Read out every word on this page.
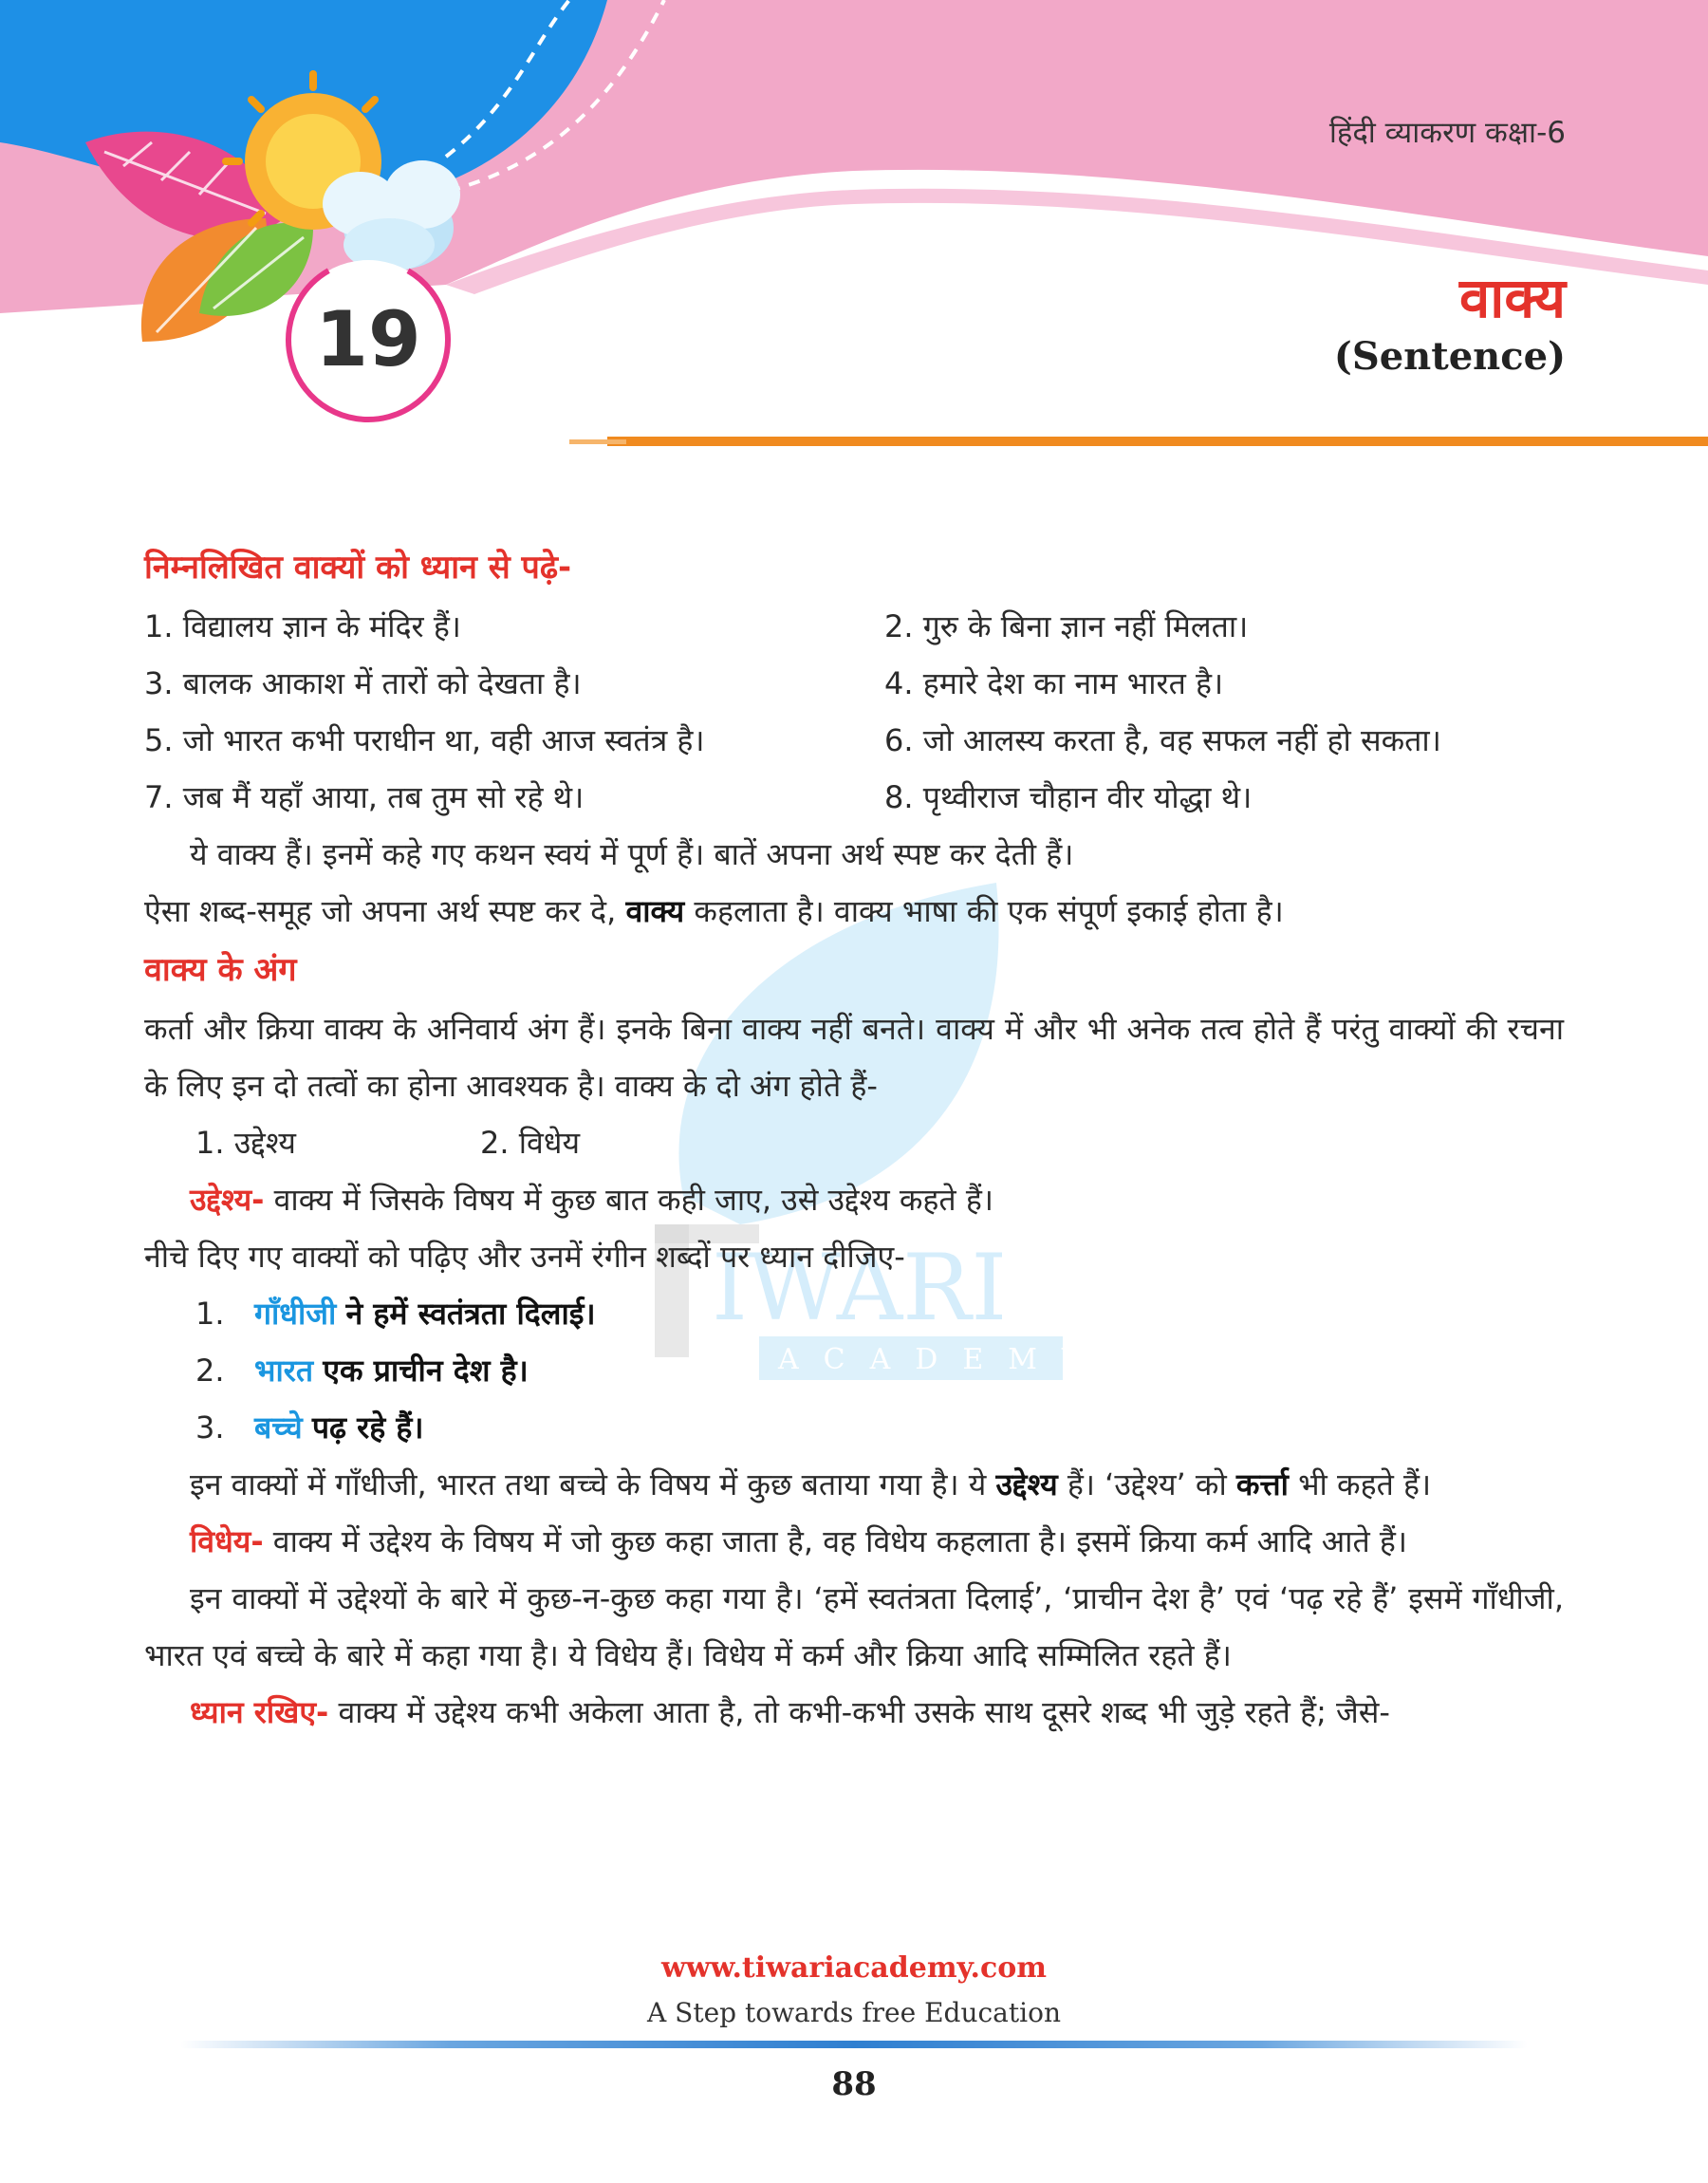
हिंदी व्याकरण कक्षा-6
19	वाक्य
(Sentence)
IWARI
ACADEMY

निम्नलिखित वाक्यों को ध्यान से पढ़े-

1. विद्यालय ज्ञान के मंदिर हैं।	2. गुरु के बिना ज्ञान नहीं मिलता।
3. बालक आकाश में तारों को देखता है।	4. हमारे देश का नाम भारत है।
5. जो भारत कभी पराधीन था, वही आज स्वतंत्र है।	6. जो आलस्य करता है, वह सफल नहीं हो सकता।
7. जब मैं यहाँ आया, तब तुम सो रहे थे।	8. पृथ्वीराज चौहान वीर योद्धा थे।

ये वाक्य हैं। इनमें कहे गए कथन स्वयं में पूर्ण हैं। बातें अपना अर्थ स्पष्ट कर देती हैं।

ऐसा शब्द-समूह जो अपना अर्थ स्पष्ट कर दे, वाक्य कहलाता है। वाक्य भाषा की एक संपूर्ण इकाई होता है।

वाक्य के अंग

कर्ता और क्रिया वाक्य के अनिवार्य अंग हैं। इनके बिना वाक्य नहीं बनते। वाक्य में और भी अनेक तत्व होते हैं परंतु वाक्यों की रचना के लिए इन दो तत्वों का होना आवश्यक है। वाक्य के दो अंग होते हैं-

1. उद्देश्य	2. विधेय

उद्देश्य- वाक्य में जिसके विषय में कुछ बात कही जाए, उसे उद्देश्य कहते हैं।

नीचे दिए गए वाक्यों को पढ़िए और उनमें रंगीन शब्दों पर ध्यान दीजिए-

1. गाँधीजी ने हमें स्वतंत्रता दिलाई।

2. भारत एक प्राचीन देश है।

3. बच्चे पढ़ रहे हैं।

इन वाक्यों में गाँधीजी, भारत तथा बच्चे के विषय में कुछ बताया गया है। ये उद्देश्य हैं। ‘उद्देश्य’ को कर्त्ता भी कहते हैं।

विधेय- वाक्य में उद्देश्य के विषय में जो कुछ कहा जाता है, वह विधेय कहलाता है। इसमें क्रिया कर्म आदि आते हैं।

इन वाक्यों में उद्देश्यों के बारे में कुछ-न-कुछ कहा गया है। ‘हमें स्वतंत्रता दिलाई’, ‘प्राचीन देश है’ एवं ‘पढ़ रहे हैं’ इसमें गाँधीजी, भारत एवं बच्चे के बारे में कहा गया है। ये विधेय हैं। विधेय में कर्म और क्रिया आदि सम्मिलित रहते हैं।

ध्यान रखिए- वाक्य में उद्देश्य कभी अकेला आता है, तो कभी-कभी उसके साथ दूसरे शब्द भी जुड़े रहते हैं; जैसे-

www.tiwariacademy.com
A Step towards free Education
88
